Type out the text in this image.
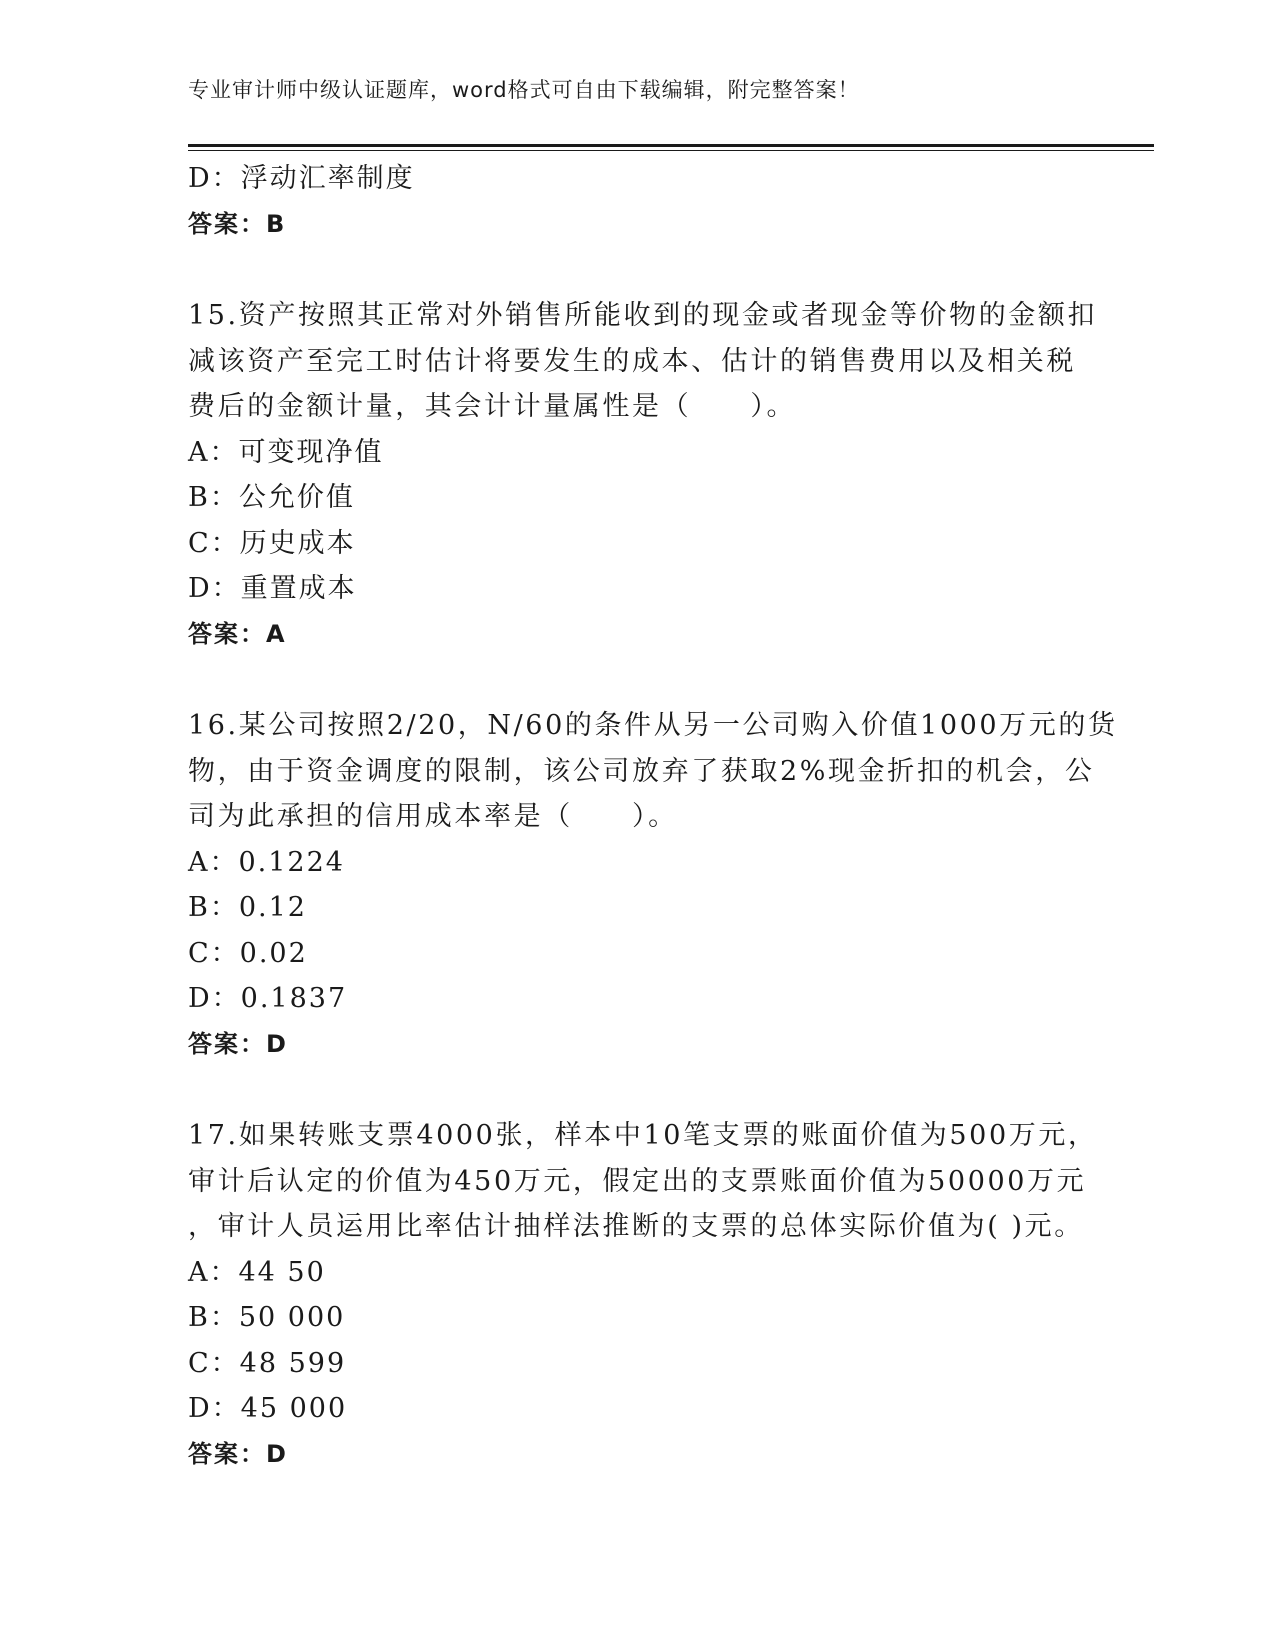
专业审计师中级认证题库，word格式可自由下载编辑，附完整答案！
D：浮动汇率制度
答案：B
15.资产按照其正常对外销售所能收到的现金或者现金等价物的金额扣
减该资产至完工时估计将要发生的成本、估计的销售费用以及相关税
费后的金额计量，其会计计量属性是（　　）。
A：可变现净值
B：公允价值
C：历史成本
D：重置成本
答案：A
16.某公司按照2/20，N/60的条件从另一公司购入价值1000万元的货
物，由于资金调度的限制，该公司放弃了获取2%现金折扣的机会，公
司为此承担的信用成本率是（　　）。
A：0.1224
B：0.12
C：0.02
D：0.1837
答案：D
17.如果转账支票4000张，样本中10笔支票的账面价值为500万元，
审计后认定的价值为450万元，假定出的支票账面价值为50000万元
，审计人员运用比率估计抽样法推断的支票的总体实际价值为( )元。
A：44 50
B：50 000
C：48 599
D：45 000
答案：D
